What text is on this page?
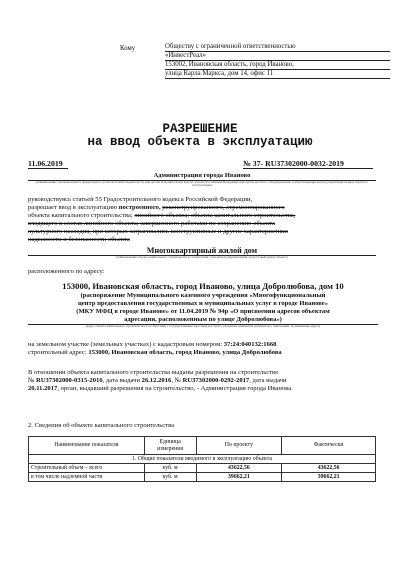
Кому	Обществу с ограниченной ответственностью
«ИнвестРеал»
153002, Ивановская область, город Иваново,
улица Карла Маркса, дом 14, офис 11
РАЗРЕШЕНИЕ
на ввод объекта в эксплуатацию
11.06.2019	№ 37- RU37302000-0032-2019
Администрация города Иваново
(наименование уполномоченного федерального органа исполнительной власти, или органа исполнительной власти субъекта Российской Федерации, или органа местного самоуправления, осуществляющих выдачу разрешения на ввод объекта в эксплуатацию)
руководствуясь статьей 55 Градостроительного кодекса Российской Федерации,
разрешает ввод в эксплуатацию построенного, реконструированного, отремонтированного
объекта капитального строительства; линейного объекта; объекта капитального строительства,
входящего в состав линейного объекта; завершенного работами по сохранению объекта
культурного наследия, при которых затрагивались конструктивные и другие характеристики
надежности и безопасности объекта
Многоквартирный жилой дом
(наименование объекта капитального строительства в соответствии с проектной документацией, кадастровый номер объекта)
расположенного по адресу:
153000, Ивановская область, город Иваново, улица Добролюбова, дом 10
(распоряжение Муниципального казенного учреждения «Многофункциональный
центр предоставления государственных и муниципальных услуг в городе Иванове»
(МКУ МФЦ в городе Иванове» от 11.04.2019 № 94р «О присвоении адресов объектам
адресации, расположенным по улице Добролюбова»)
(адрес объекта капитального строительства в соответствии с государственным адресным реестром с указанием реквизитов документов о присвоении, об изменении адреса)
на земельном участке (земельных участках) с кадастровым номером: 37:24:040132:1668
строительный адрес: 153000, Ивановская область, город Иваново, улица Добролюбова
В отношении объекта капитального строительства выданы разрешения на строительство
№ RU37302000-0315-2016, дата выдачи 26.12.2016, № RU37302000-0292-2017, дата выдачи
20.11.2017, орган, выдавший разрешения на строительство, - Администрация города Иванова.
2. Сведения об объекте капитального строительства
Наименование показателя	Единица измерения	По проекту	Фактически
1. Общие показатели вводимого в эксплуатацию объекта			
Строительный объем – всего	куб. м	43622,56	43622,56
в том числе надземной части	куб. м	39662,21	39662,21
